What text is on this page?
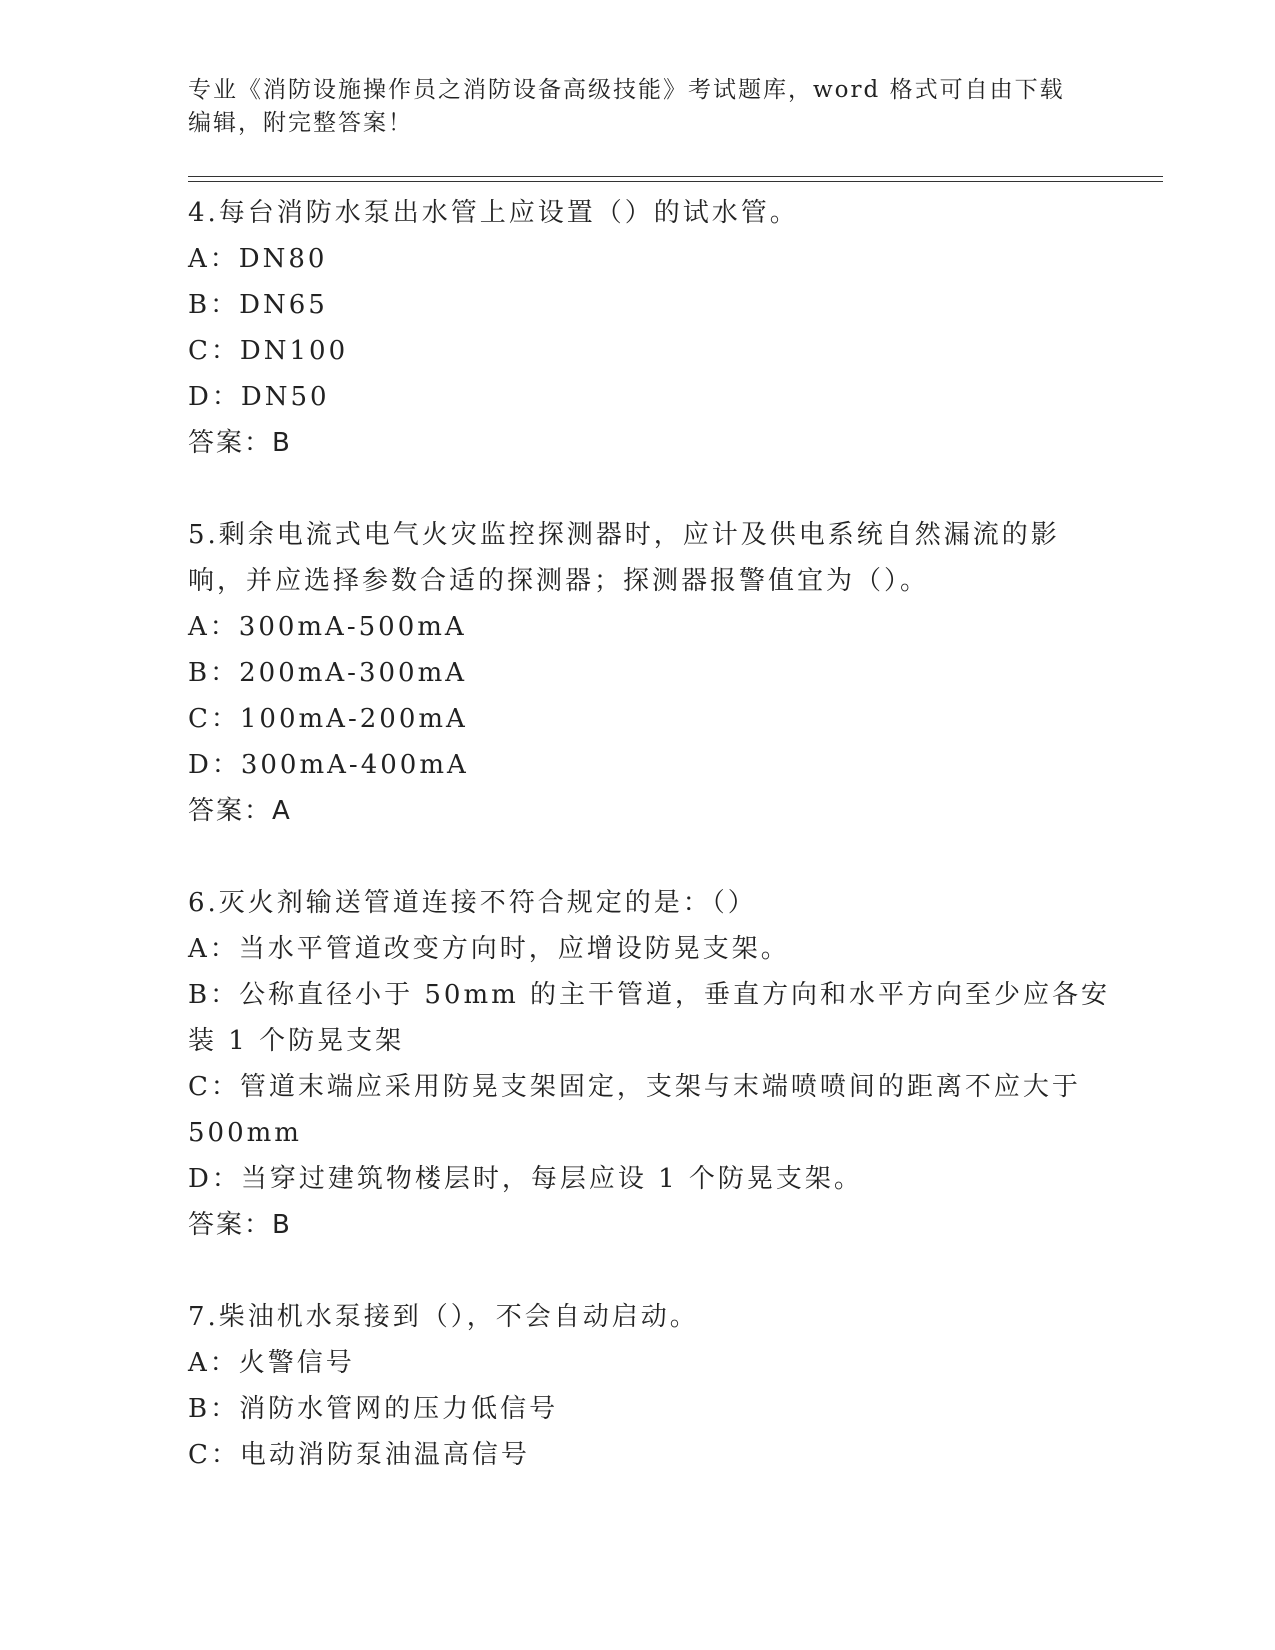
专业《消防设施操作员之消防设备高级技能》考试题库，word 格式可自由下载编辑，附完整答案！
4.每台消防水泵出水管上应设置（）的试水管。
A：DN80
B：DN65
C：DN100
D：DN50
答案：B
5.剩余电流式电气火灾监控探测器时，应计及供电系统自然漏流的影
响，并应选择参数合适的探测器；探测器报警值宜为（）。
A：300mA-500mA
B：200mA-300mA
C：100mA-200mA
D：300mA-400mA
答案：A
6.灭火剂输送管道连接不符合规定的是：（）
A：当水平管道改变方向时，应增设防晃支架。
B：公称直径小于 50mm 的主干管道，垂直方向和水平方向至少应各安
装 1 个防晃支架
C：管道末端应采用防晃支架固定，支架与末端喷喷间的距离不应大于
500mm
D：当穿过建筑物楼层时，每层应设 1 个防晃支架。
答案：B
7.柴油机水泵接到（），不会自动启动。
A：火警信号
B：消防水管网的压力低信号
C：电动消防泵油温高信号
